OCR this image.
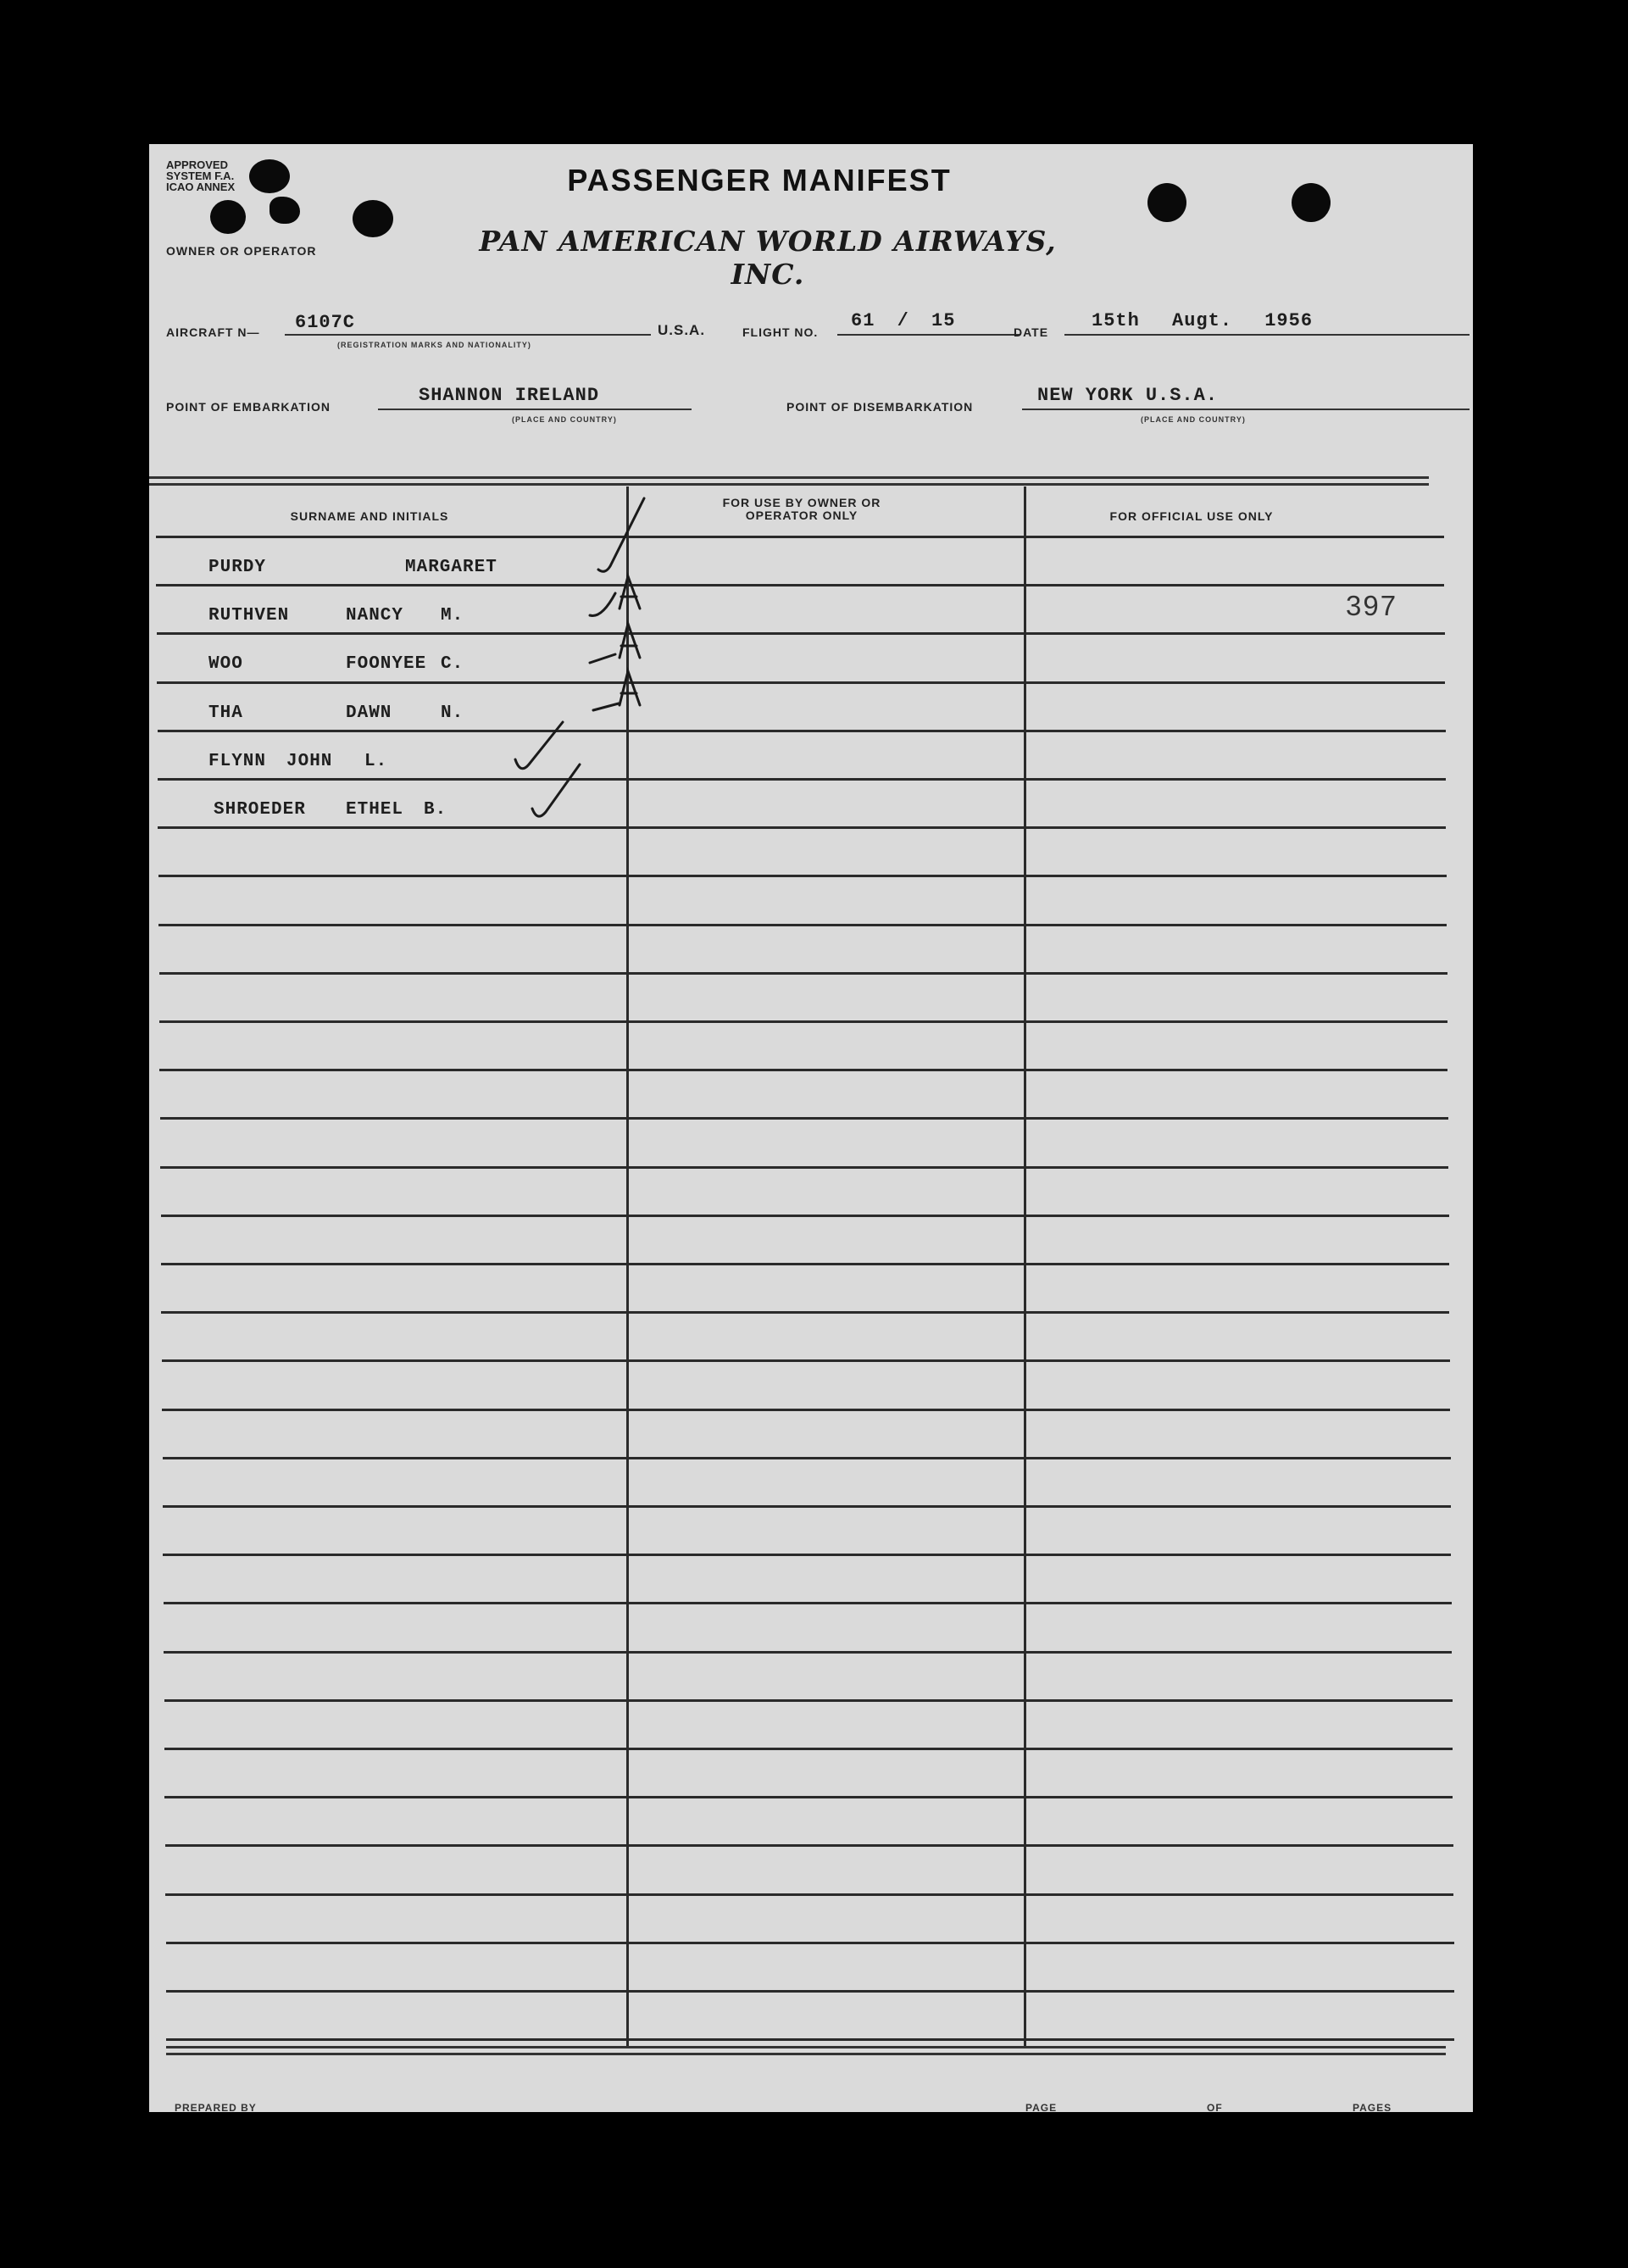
APPROVED
SYSTEM F.A.
ICAO ANNEX
OWNER OR OPERATOR
PASSENGER MANIFEST
PAN AMERICAN WORLD AIRWAYS, INC.
AIRCRAFT N— 6107C
(REGISTRATION MARKS AND NATIONALITY)
U.S.A.	FLIGHT NO.
61 / 15
DATE
15th Augt. 1956
POINT OF EMBARKATION
SHANNON IRELAND
(PLACE AND COUNTRY)
POINT OF DISEMBARKATION
NEW YORK U.S.A.
(PLACE AND COUNTRY)
SURNAME AND INITIALS
FOR USE BY OWNER OR OPERATOR ONLY	FOR OFFICIAL USE ONLY
PURDY	MARGARET
RUTHVEN	NANCY M.
WOO	FOONYEE C.
THA	DAWN	N.
FLYNN JOHN L.
SHROEDER ETHEL B.
397
PREPARED BY	PAGE	OF	PAGES
